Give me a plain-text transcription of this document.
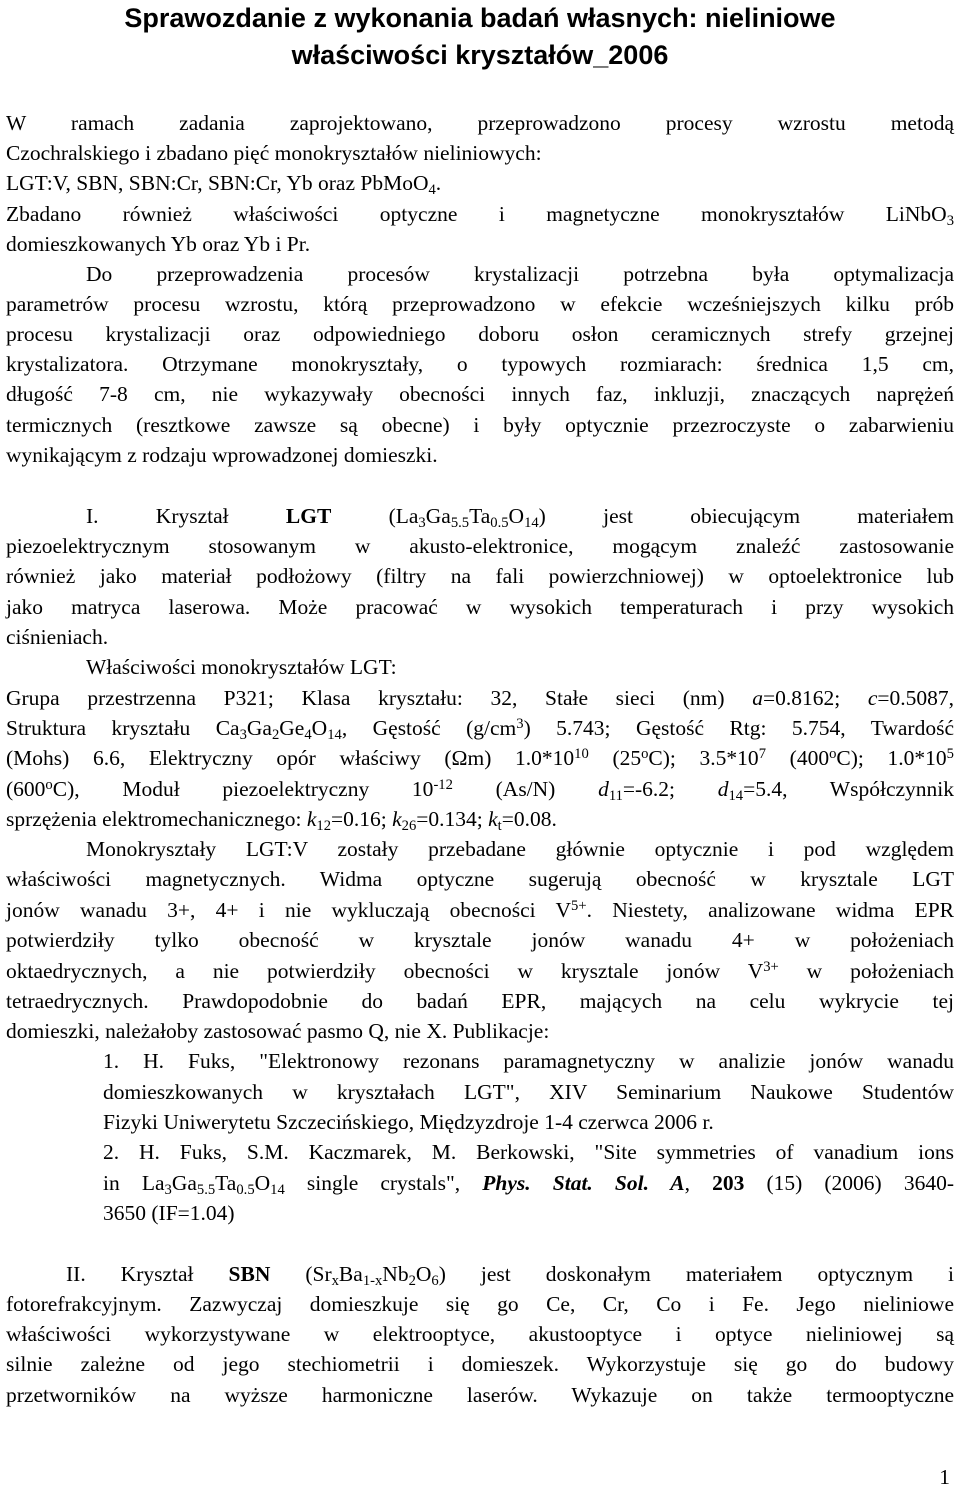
Sprawozdanie z wykonania badań własnych: nieliniowe
właściwości kryształów_2006

W ramach zadania zaprojektowano, przeprowadzono procesy wzrostu metodą

Czochralskiego i zbadano pięć monokryształów nieliniowych:

LGT:V, SBN, SBN:Cr, SBN:Cr, Yb oraz PbMoO$_4$.

Zbadano również właściwości optyczne i magnetyczne monokryształów LiNbO$_3$

domieszkowanych Yb oraz Yb i Pr.

Do przeprowadzenia procesów krystalizacji potrzebna była optymalizacja

parametrów procesu wzrostu, którą przeprowadzono w efekcie wcześniejszych kilku prób

procesu krystalizacji oraz odpowiedniego doboru osłon ceramicznych strefy grzejnej

krystalizatora. Otrzymane monokryształy, o typowych rozmiarach: średnica 1,5 cm,

długość 7-8 cm, nie wykazywały obecności innych faz, inkluzji, znaczących naprężeń

termicznych (resztkowe zawsze są obecne) i były optycznie przezroczyste o zabarwieniu

wynikającym z rodzaju wprowadzonej domieszki.

I. Kryształ LGT $(La_3Ga_{5.5}Ta_{0.5}O_{14})$ jest obiecującym materiałem

piezoelektrycznym stosowanym w akusto-elektronice, mogącym znaleźć zastosowanie

również jako materiał podłożowy (filtry na fali powierzchniowej) w optoelektronice lub

jako matryca laserowa. Może pracować w wysokich temperaturach i przy wysokich

ciśnieniach.

Właściwości monokryształów LGT:

Grupa przestrzenna P321; Klasa kryształu: 32, Stałe sieci (nm) a=0.8162; c=0.5087,

Struktura kryształu $Ca_3Ga_2Ge_4O_{14}$, Gęstość $(g/cm^3)$ 5.743; Gęstość Rtg: 5.754, Twardość

(Mohs) 6.6, Elektryczny opór właściwy (Ωm) $1.0*10^{10}$ (25$^o$C); $3.5*10^7$ (400$^o$C); $1.0*10^5$

(600$^o$C), Moduł piezoelektryczny $10^{-12}$ (As/N) $d_{11}=-6.2$; $d_{14}=5.4$, Współczynnik

sprzężenia elektromechanicznego: $k_{12}=0.16$; $k_{26}=0.134$; $k_t=0.08$.

Monokryształy LGT:V zostały przebadane głównie optycznie i pod względem

właściwości magnetycznych. Widma optyczne sugerują obecność w krysztale LGT

jonów wanadu 3+, 4+ i nie wykluczają obecności $V^{5+}$. Niestety, analizowane widma EPR

potwierdziły tylko obecność w krysztale jonów wanadu 4+ w położeniach

oktaedrycznych, a nie potwierdziły obecności w krysztale jonów $V^{3+}$ w położeniach

tetraedrycznych. Prawdopodobnie do badań EPR, mających na celu wykrycie tej

domieszki, należałoby zastosować pasmo Q, nie X. Publikacje:

1. H. Fuks, "Elektronowy rezonans paramagnetyczny w analizie jonów wanadu

domieszkowanych w kryształach LGT", XIV Seminarium Naukowe Studentów

Fizyki Uniwerytetu Szczecińskiego, Międzyzdroje 1-4 czerwca 2006 r.

2. H. Fuks, S.M. Kaczmarek, M. Berkowski, "Site symmetries of vanadium ions

in $La_3Ga_{5.5}Ta_{0.5}O_{14}$ single crystals", Phys. Stat. Sol. A, 203 (15) (2006) 3640-

3650 (IF=1.04)

II. Kryształ SBN $(Sr_xBa_{1-x}Nb_2O_6)$ jest doskonałym materiałem optycznym i

fotorefrakcyjnym. Zazwyczaj domieszkuje się go Ce, Cr, Co i Fe. Jego nieliniowe

właściwości wykorzystywane w elektrooptyce, akustooptyce i optyce nieliniowej są

silnie zależne od jego stechiometrii i domieszek. Wykorzystuje się go do budowy

przetworników na wyższe harmoniczne laserów. Wykazuje on także termooptyczne

1
